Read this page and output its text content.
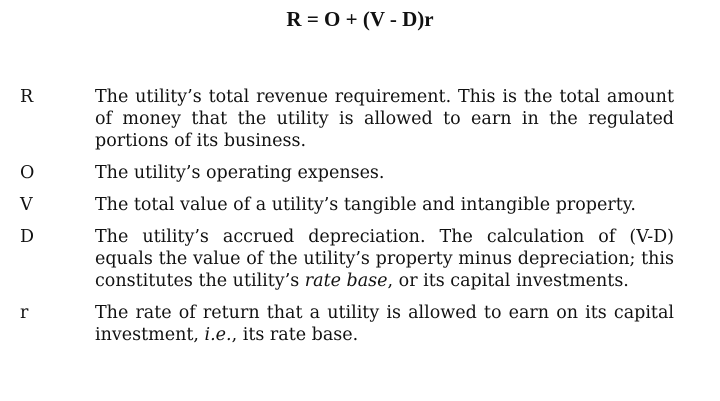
R = O + (V - D)r
R	The utility’s total revenue requirement. This is the total amount of money that the utility is allowed to earn in the regulated portions of its business.
O	The utility’s operating expenses.
V	The total value of a utility’s tangible and intangible property.
D	The utility’s accrued depreciation. The calculation of (V-D) equals the value of the utility’s property minus depreciation; this constitutes the utility’s rate base, or its capital investments.
r	The rate of return that a utility is allowed to earn on its capital investment, i.e., its rate base.
